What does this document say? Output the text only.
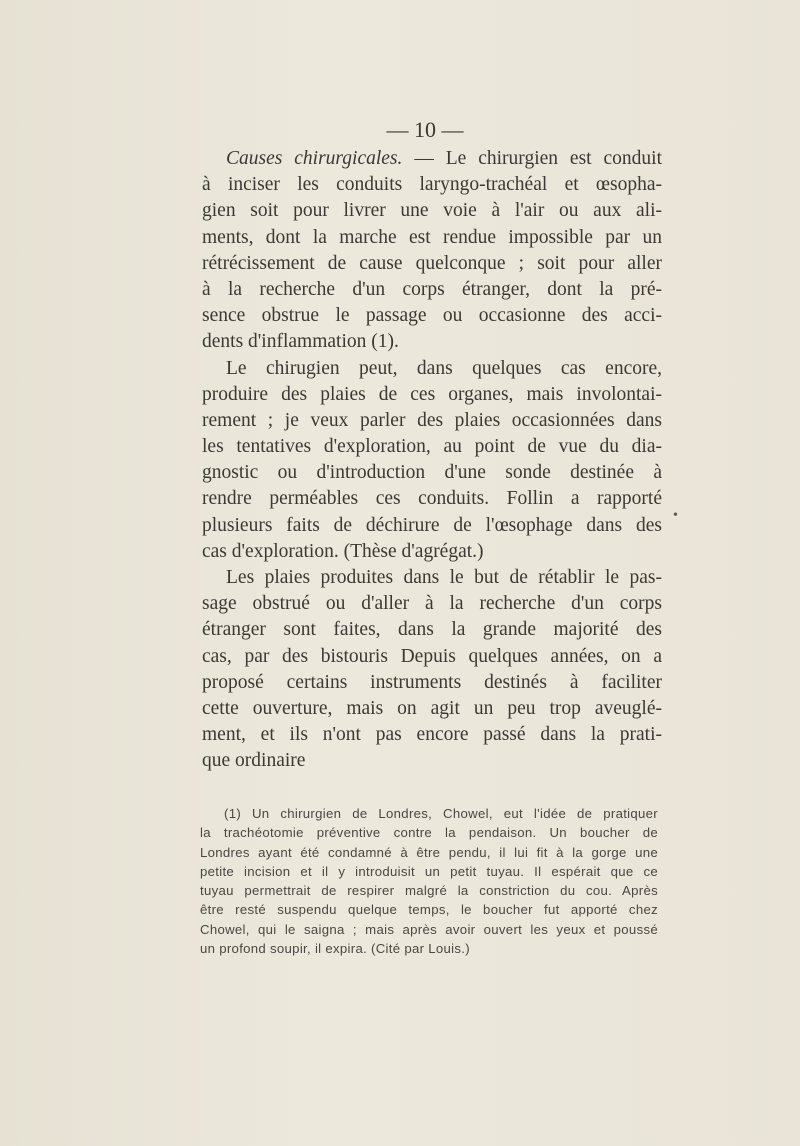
— 10 —
Causes chirurgicales. — Le chirurgien est conduit
à inciser les conduits laryngo-trachéal et œsopha-
gien soit pour livrer une voie à l'air ou aux ali-
ments, dont la marche est rendue impossible par un
rétrécissement de cause quelconque ; soit pour aller
à la recherche d'un corps étranger, dont la pré-
sence obstrue le passage ou occasionne des acci-
dents d'inflammation (1).
Le chirugien peut, dans quelques cas encore,
produire des plaies de ces organes, mais involontai-
rement ; je veux parler des plaies occasionnées dans
les tentatives d'exploration, au point de vue du dia-
gnostic ou d'introduction d'une sonde destinée à
rendre perméables ces conduits. Follin a rapporté
plusieurs faits de déchirure de l'œsophage dans des
cas d'exploration. (Thèse d'agrégat.)
Les plaies produites dans le but de rétablir le pas-
sage obstrué ou d'aller à la recherche d'un corps
étranger sont faites, dans la grande majorité des
cas, par des bistouris Depuis quelques années, on a
proposé certains instruments destinés à faciliter
cette ouverture, mais on agit un peu trop aveuglé-
ment, et ils n'ont pas encore passé dans la prati-
que ordinaire
•
(1) Un chirurgien de Londres, Chowel, eut l'idée de pratiquer
la trachéotomie préventive contre la pendaison. Un boucher de
Londres ayant été condamné à être pendu, il lui fit à la gorge une
petite incision et il y introduisit un petit tuyau. Il espérait que ce
tuyau permettrait de respirer malgré la constriction du cou. Après
être resté suspendu quelque temps, le boucher fut apporté chez
Chowel, qui le saigna ; mais après avoir ouvert les yeux et poussé
un profond soupir, il expira. (Cité par Louis.)
